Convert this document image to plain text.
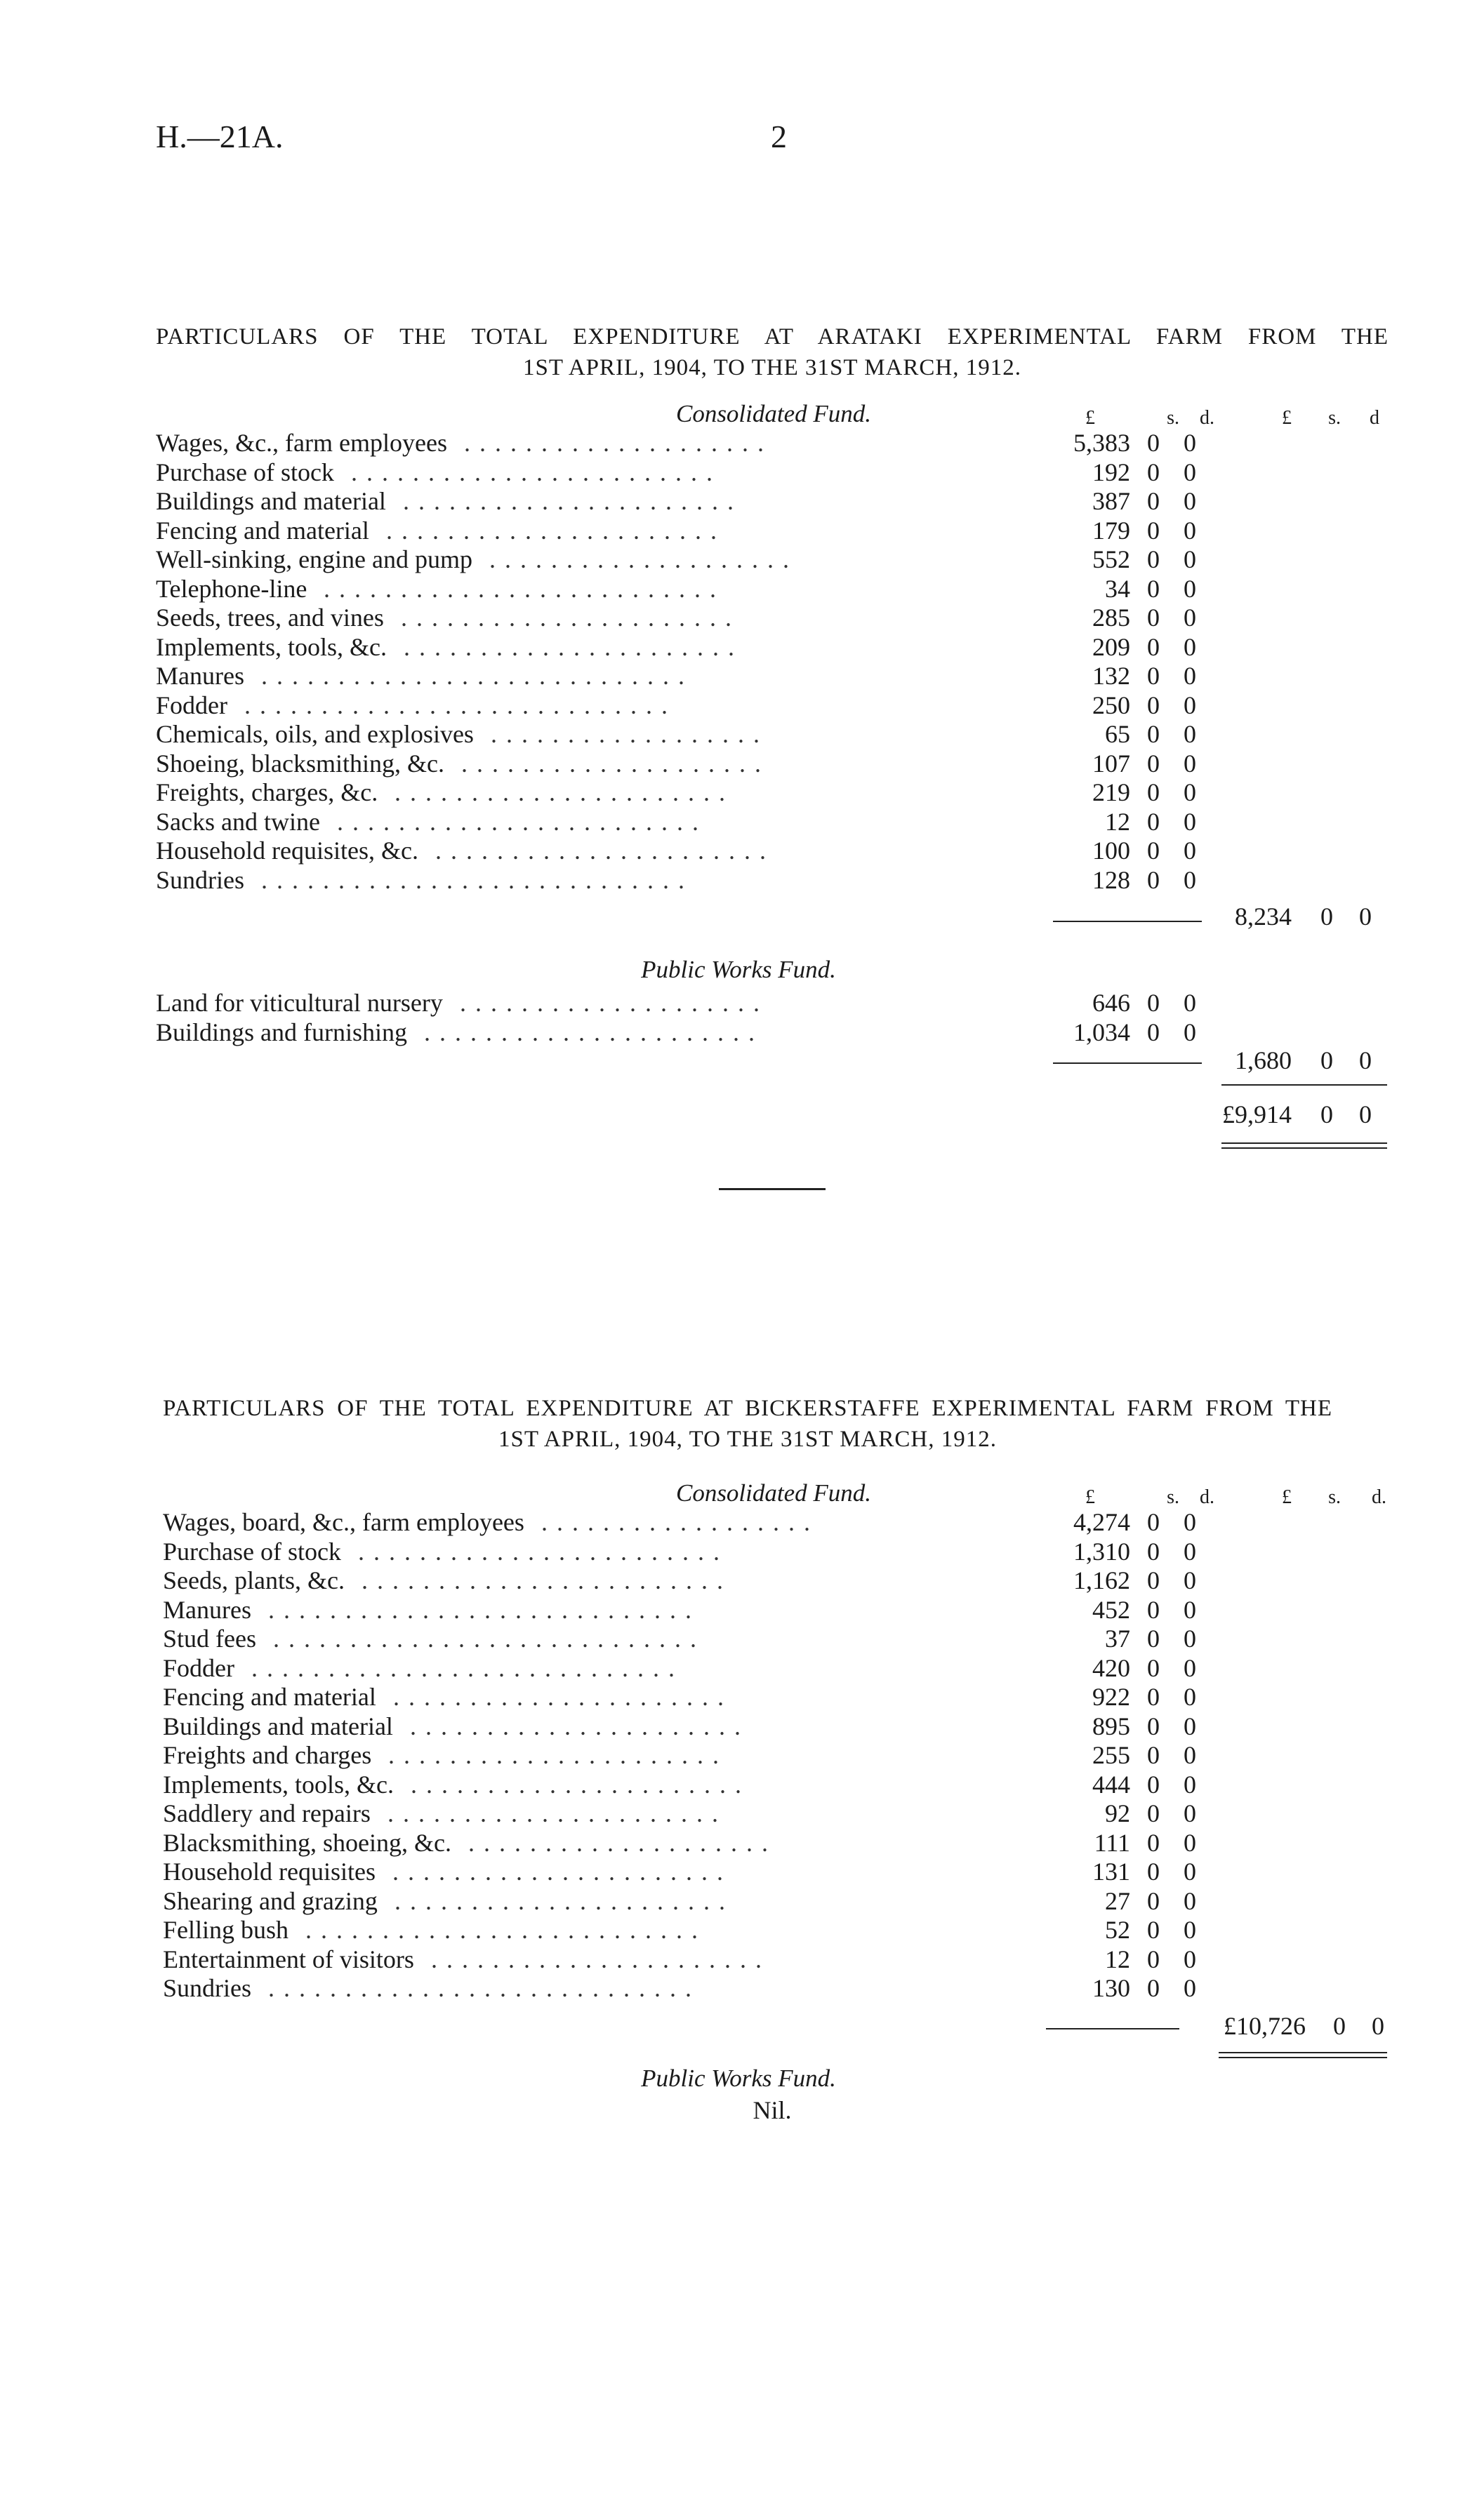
H.—21A.	2
PARTICULARS OF THE TOTAL EXPENDITURE AT ARATAKI EXPERIMENTAL FARM FROM THE
1ST APRIL, 1904, TO THE 31ST MARCH, 1912.
Consolidated Fund.	£	s.	d.	£	s.	d
Wages, &c., farm employees . . . . . . . . . . . . . . . . . . . .	5,383 0 0
Purchase of stock . . . . . . . . . . . . . . . . . . . . . . . .	192 0 0
Buildings and material . . . . . . . . . . . . . . . . . . . . . .	387 0 0
Fencing and material . . . . . . . . . . . . . . . . . . . . . .	179 0 0
Well-sinking, engine and pump . . . . . . . . . . . . . . . . . . . .	552 0 0
Telephone-line . . . . . . . . . . . . . . . . . . . . . . . . . .	34 0 0
Seeds, trees, and vines . . . . . . . . . . . . . . . . . . . . . .	285 0 0
Implements, tools, &c. . . . . . . . . . . . . . . . . . . . . . .	209 0 0
Manures . . . . . . . . . . . . . . . . . . . . . . . . . . . .	132 0 0
Fodder . . . . . . . . . . . . . . . . . . . . . . . . . . . .	250 0 0
Chemicals, oils, and explosives . . . . . . . . . . . . . . . . . .	65 0 0
Shoeing, blacksmithing, &c. . . . . . . . . . . . . . . . . . . . .	107 0 0
Freights, charges, &c. . . . . . . . . . . . . . . . . . . . . . .	219 0 0
Sacks and twine . . . . . . . . . . . . . . . . . . . . . . . .	12 0 0
Household requisites, &c. . . . . . . . . . . . . . . . . . . . . . .	100 0 0
Sundries . . . . . . . . . . . . . . . . . . . . . . . . . . . .	128 0 0
8,234 0 0
Public Works Fund.
Land for viticultural nursery . . . . . . . . . . . . . . . . . . . .	646 0 0
Buildings and furnishing . . . . . . . . . . . . . . . . . . . . . .	1,034 0 0
1,680 0 0
£9,914 0 0
PARTICULARS OF THE TOTAL EXPENDITURE AT BICKERSTAFFE EXPERIMENTAL FARM FROM THE
1ST APRIL, 1904, TO THE 31ST MARCH, 1912.
Consolidated Fund.	£	s.	d.	£	s.	d.
Wages, board, &c., farm employees . . . . . . . . . . . . . . . . . .	4,274 0 0
Purchase of stock . . . . . . . . . . . . . . . . . . . . . . . .	1,310 0 0
Seeds, plants, &c. . . . . . . . . . . . . . . . . . . . . . . . .	1,162 0 0
Manures . . . . . . . . . . . . . . . . . . . . . . . . . . . .	452 0 0
Stud fees . . . . . . . . . . . . . . . . . . . . . . . . . . . .	37 0 0
Fodder . . . . . . . . . . . . . . . . . . . . . . . . . . . .	420 0 0
Fencing and material . . . . . . . . . . . . . . . . . . . . . .	922 0 0
Buildings and material . . . . . . . . . . . . . . . . . . . . . .	895 0 0
Freights and charges . . . . . . . . . . . . . . . . . . . . . .	255 0 0
Implements, tools, &c. . . . . . . . . . . . . . . . . . . . . . .	444 0 0
Saddlery and repairs . . . . . . . . . . . . . . . . . . . . . .	92 0 0
Blacksmithing, shoeing, &c. . . . . . . . . . . . . . . . . . . . .	111 0 0
Household requisites . . . . . . . . . . . . . . . . . . . . . .	131 0 0
Shearing and grazing . . . . . . . . . . . . . . . . . . . . . .	27 0 0
Felling bush . . . . . . . . . . . . . . . . . . . . . . . . . .	52 0 0
Entertainment of visitors . . . . . . . . . . . . . . . . . . . . . .	12 0 0
Sundries . . . . . . . . . . . . . . . . . . . . . . . . . . . .	130 0 0
£10,726 0 0
Public Works Fund.
Nil.
